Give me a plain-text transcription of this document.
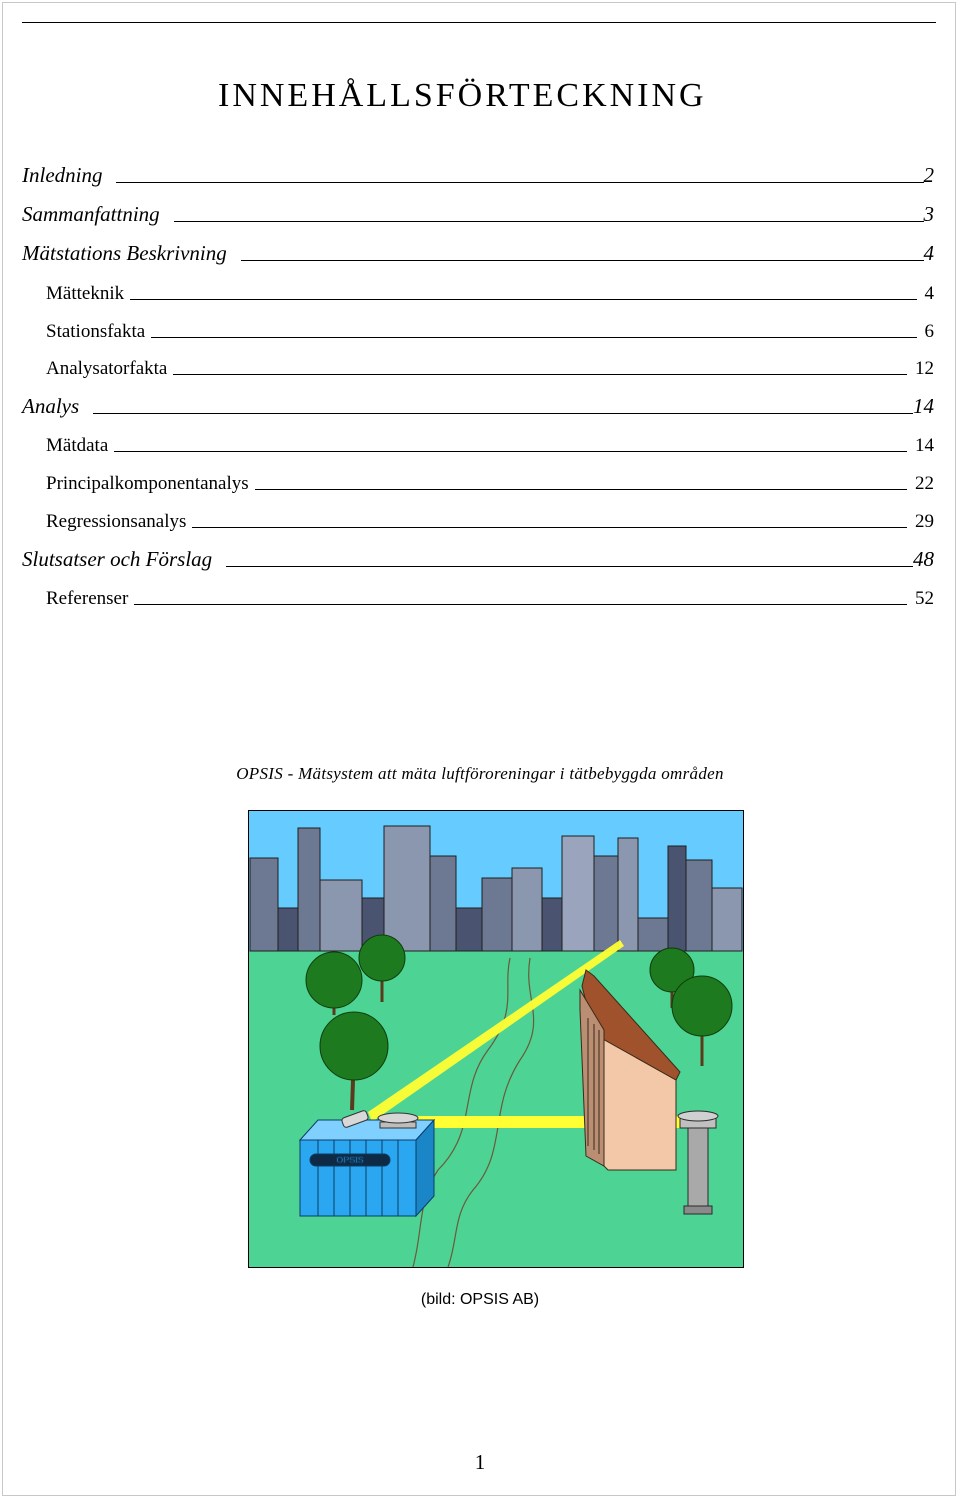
INNEHÅLLSFÖRTECKNING
Inledning	2
Sammanfattning	3
Mätstations Beskrivning	4
Mätteknik	4
Stationsfakta	6
Analysatorfakta	12
Analys	14
Mätdata	14
Principalkomponentanalys	22
Regressionsanalys	29
Slutsatser och Förslag	48
Referenser	52
OPSIS - Mätsystem att mäta luftföroreningar i tätbebyggda områden
OPSIS
(bild: OPSIS AB)
1
